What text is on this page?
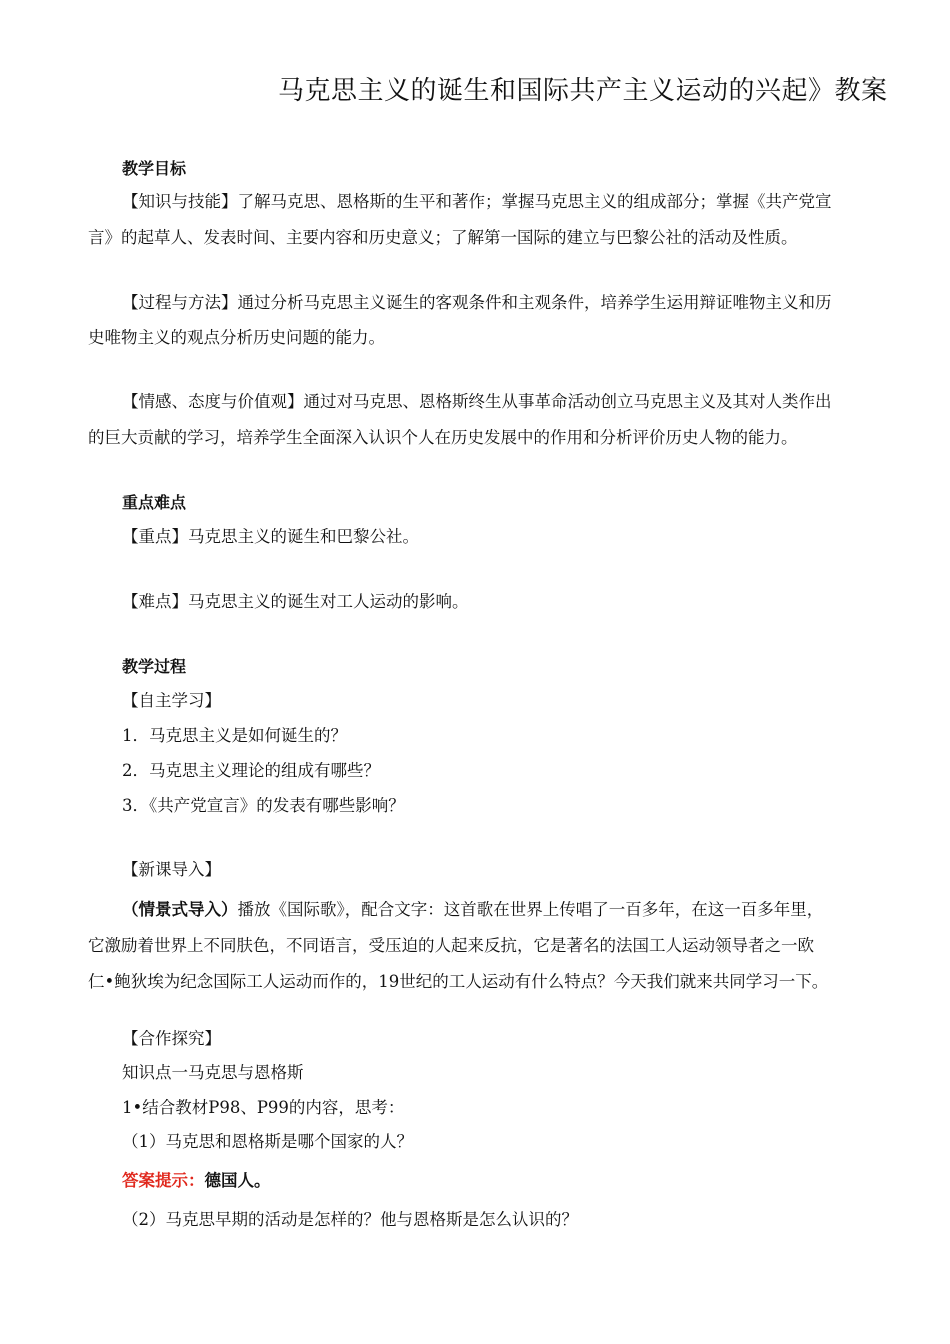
马克思主义的诞生和国际共产主义运动的兴起》教案
教学目标
【知识与技能】了解马克思、恩格斯的生平和著作；掌握马克思主义的组成部分；掌握《共产党宣
言》的起草人、发表时间、主要内容和历史意义；了解第一国际的建立与巴黎公社的活动及性质。
【过程与方法】通过分析马克思主义诞生的客观条件和主观条件，培养学生运用辩证唯物主义和历
史唯物主义的观点分析历史问题的能力。
【情感、态度与价值观】通过对马克思、恩格斯终生从事革命活动创立马克思主义及其对人类作出
的巨大贡献的学习，培养学生全面深入认识个人在历史发展中的作用和分析评价历史人物的能力。
重点难点
【重点】马克思主义的诞生和巴黎公社。
【难点】马克思主义的诞生对工人运动的影响。
教学过程
【自主学习】
1．马克思主义是如何诞生的？
2．马克思主义理论的组成有哪些？
3．《共产党宣言》的发表有哪些影响？
【新课导入】
（情景式导入）播放《国际歌》，配合文字：这首歌在世界上传唱了一百多年，在这一百多年里，
它激励着世界上不同肤色，不同语言，受压迫的人起来反抗，它是著名的法国工人运动领导者之一欧
仁•鲍狄埃为纪念国际工人运动而作的，19世纪的工人运动有什么特点？今天我们就来共同学习一下。
【合作探究】
知识点一马克思与恩格斯
1•结合教材P98、P99的内容，思考：
（1）马克思和恩格斯是哪个国家的人？
答案提示：德国人。
（2）马克思早期的活动是怎样的？他与恩格斯是怎么认识的？
